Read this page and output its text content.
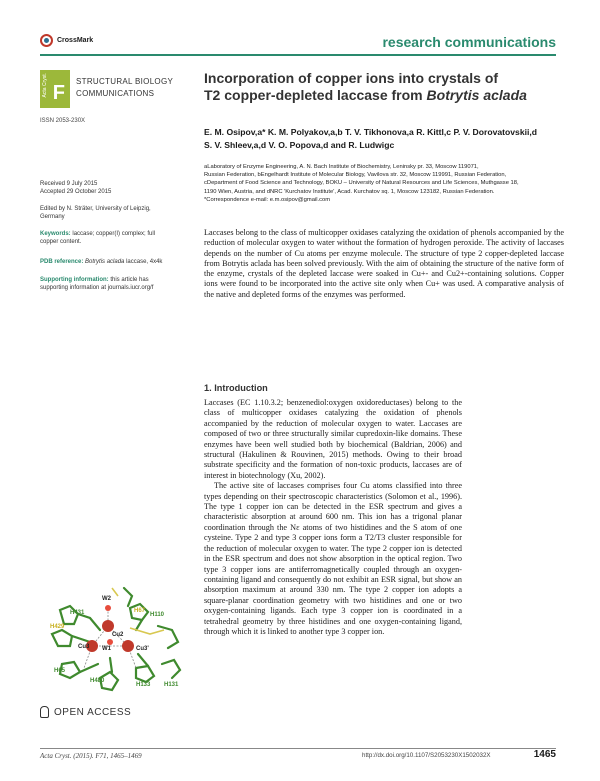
CrossMark	research communications
Acta Cryst. F
STRUCTURAL BIOLOGY
COMMUNICATIONS
ISSN 2053-230X
Incorporation of copper ions into crystals of
T2 copper-depleted laccase from Botrytis aclada
E. M. Osipov,a* K. M. Polyakov,a,b T. V. Tikhonova,a R. Kittl,c P. V. Dorovatovskii,d
S. V. Shleev,a,d V. O. Popova,d and R. Ludwigc
aLaboratory of Enzyme Engineering, A. N. Bach Institute of Biochemistry, Leninsky pr. 33, Moscow 119071,
Russian Federation, bEngelhardt Institute of Molecular Biology, Vavilova str. 32, Moscow 119991, Russian Federation,
cDepartment of Food Science and Technology, BOKU – University of Natural Resources and Life Sciences, Muthgasse 18,
1190 Wien, Austria, and dNRC 'Kurchatov Institute', Acad. Kurchatov sq. 1, Moscow 123182, Russian Federation.
*Correspondence e-mail: e.m.osipov@gmail.com
Received 9 July 2015
Accepted 29 October 2015
Edited by N. Sträter, University of Leipzig, Germany
Keywords: laccase; copper(I) complex; full copper content.
PDB reference: Botrytis aclada laccase, 4x4k
Supporting information: this article has supporting information at journals.iucr.org/f

Laccases belong to the class of multicopper oxidases catalyzing the oxidation of phenols accompanied by the reduction of molecular oxygen to water without the formation of hydrogen peroxide. The activity of laccases depends on the number of Cu atoms per enzyme molecule. The structure of type 2 copper-depleted laccase from Botrytis aclada has been solved previously. With the aim of obtaining the structure of the native form of the enzyme, crystals of the depleted laccase were soaked in Cu+- and Cu2+-containing solutions. Copper ions were found to be incorporated into the active site only when Cu+ was used. A comparative analysis of the native and depleted forms of the enzymes was performed.

1. Introduction

Laccases (EC 1.10.3.2; benzenediol:oxygen oxidoreductases) belong to the class of multicopper oxidases catalyzing the oxidation of phenols accompanied by the reduction of molecular oxygen to water. Laccases are composed of two or three structurally similar cupredoxin-like domains. These enzymes have been well studied both by biochemical (Baldrian, 2006) and structural (Hakulinen & Rouvinen, 2015) methods. Owing to their broad substrate specificity and the formation of non-toxic products, laccases are of interest in biotechnology (Xu, 2002).

The active site of laccases comprises four Cu atoms classified into three types depending on their spectroscopic characteristics (Solomon et al., 1996). The type 1 copper ion can be detected in the ESR spectrum and gives a characteristic absorption at around 600 nm. This ion has a trigonal planar coordination through the Nε atoms of two histidines and the S atom of one cysteine. Type 2 and type 3 copper ions form a T2/T3 cluster responsible for the reduction of molecular oxygen to water. The type 2 copper ion is detected in the ESR spectrum and does not show absorption in the optical region. Two type 3 copper ions are antiferromagnetically coupled through an oxygen-containing ligand and consequently do not exhibit an ESR signal, but show an absorption maximum at around 330 nm. The type 2 copper ion adopts a square-planar coordination geometry with two histidines and one or two oxygen-containing ligands. Each type 3 copper ion is coordinated in a tetrahedral geometry by three histidines and one oxygen-containing ligand, through which it is linked to another type 3 copper ion.

W2
H431	H67
H110
H429
Cu2
Cu3 W1	Cu3'
H65
H480
H133 H131
OPEN ACCESS
Acta Cryst. (2015). F71, 1465–1469	http://dx.doi.org/10.1107/S2053230X1502032X	1465
